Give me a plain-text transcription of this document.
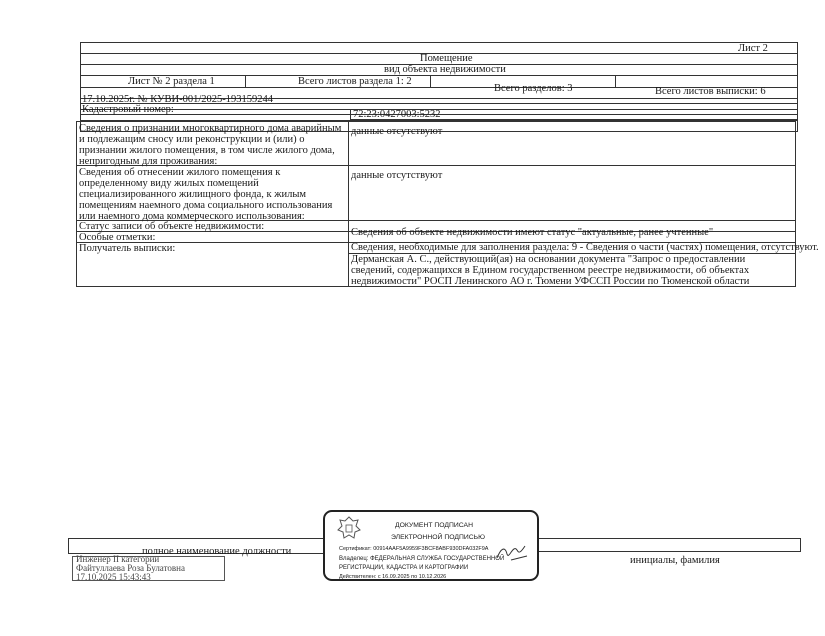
Лист 2
Помещение
вид объекта недвижимости
Лист № 2 раздела 1	Всего листов раздела 1: 2
Всего разделов: 3	Всего листов выписки: 6
17.10.2025г. № КУВИ-001/2025-193159244
Кадастровый номер:	72:23:0427003:5232
Сведения о признании многоквартирного дома аварийным и подлежащим сносу или реконструкции и (или) о признании жилого помещения, в том числе жилого дома, непригодным для проживания:
данные отсутствуют
Сведения об отнесении жилого помещения к определенному виду жилых помещений специализированного жилищного фонда, к жилым помещениям наемного дома социального использования или наемного дома коммерческого использования:
данные отсутствуют
Статус записи об объекте недвижимости:
Сведения об объекте недвижимости имеют статус "актуальные, ранее учтенные"
Особые отметки:
Сведения, необходимые для заполнения раздела: 9 - Сведения о части (частях) помещения, отсутствуют.
Получатель выписки:
Дерманская А. С., действующий(ая) на основании документа "Запрос о предоставлении сведений, содержащихся в Едином государственном реестре недвижимости, об объектах недвижимости" РОСП Ленинского АО г. Тюмени УФССП России по Тюменской области
полное наименование должности
инициалы, фамилия
Инженер II категории
Файтуллаева Роза Булатовна
17.10.2025 15:43:43
ДОКУМЕНТ ПОДПИСАН
ЭЛЕКТРОННОЙ ПОДПИСЬЮ
Сертификат: 00914AAF5A9959F3BCF8ABF930DFA032F9A
Владелец: ФЕДЕРАЛЬНАЯ СЛУЖБА ГОСУДАРСТВЕННОЙ
РЕГИСТРАЦИИ, КАДАСТРА И КАРТОГРАФИИ
Действителен: с 16.09.2025 по 10.12.2026
